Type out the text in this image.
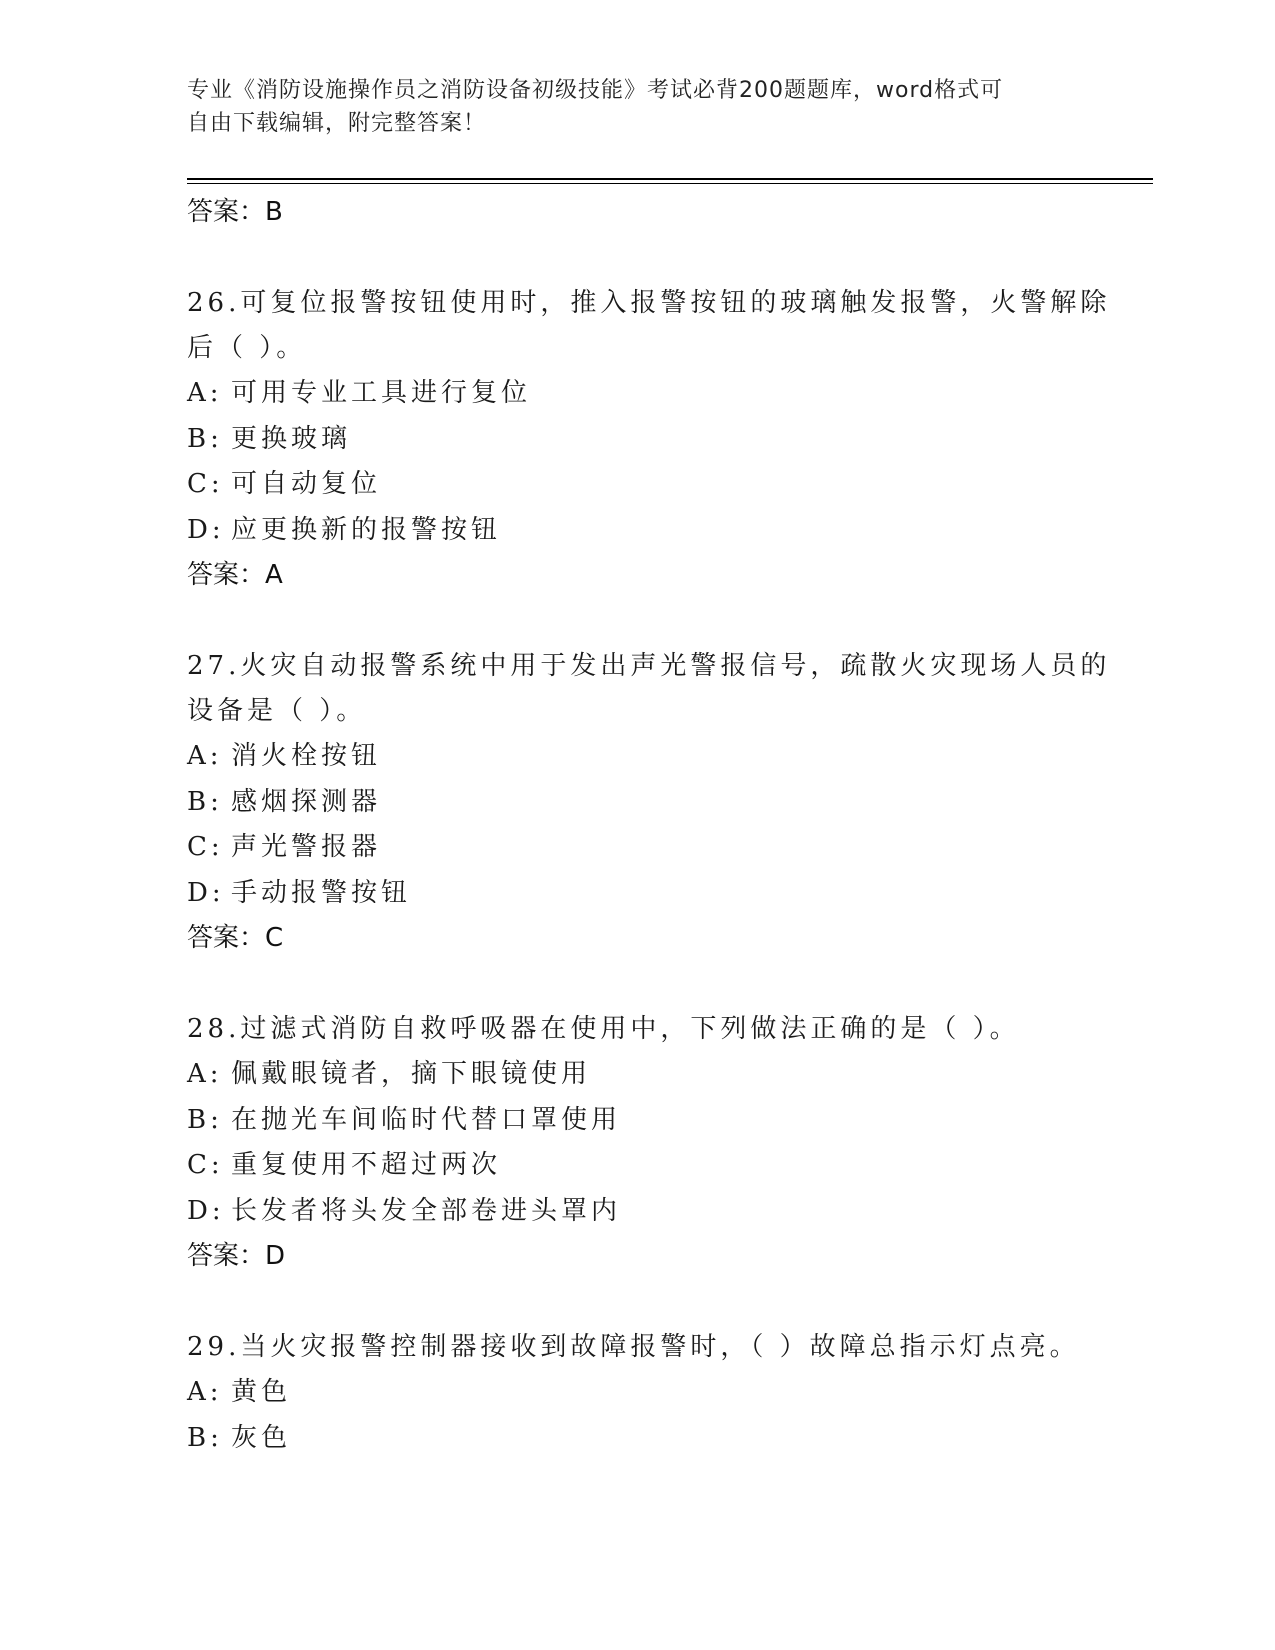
专业《消防设施操作员之消防设备初级技能》考试必背200题题库，word格式可
自由下载编辑，附完整答案！
答案：B
26.可复位报警按钮使用时，推入报警按钮的玻璃触发报警，火警解除
后（ ）。
A: 可用专业工具进行复位
B: 更换玻璃
C: 可自动复位
D: 应更换新的报警按钮
答案：A
27.火灾自动报警系统中用于发出声光警报信号，疏散火灾现场人员的
设备是（ ）。
A: 消火栓按钮
B: 感烟探测器
C: 声光警报器
D: 手动报警按钮
答案：C
28.过滤式消防自救呼吸器在使用中，下列做法正确的是（ ）。
A: 佩戴眼镜者，摘下眼镜使用
B: 在抛光车间临时代替口罩使用
C: 重复使用不超过两次
D: 长发者将头发全部卷进头罩内
答案：D
29.当火灾报警控制器接收到故障报警时，（ ）故障总指示灯点亮。
A: 黄色
B: 灰色
